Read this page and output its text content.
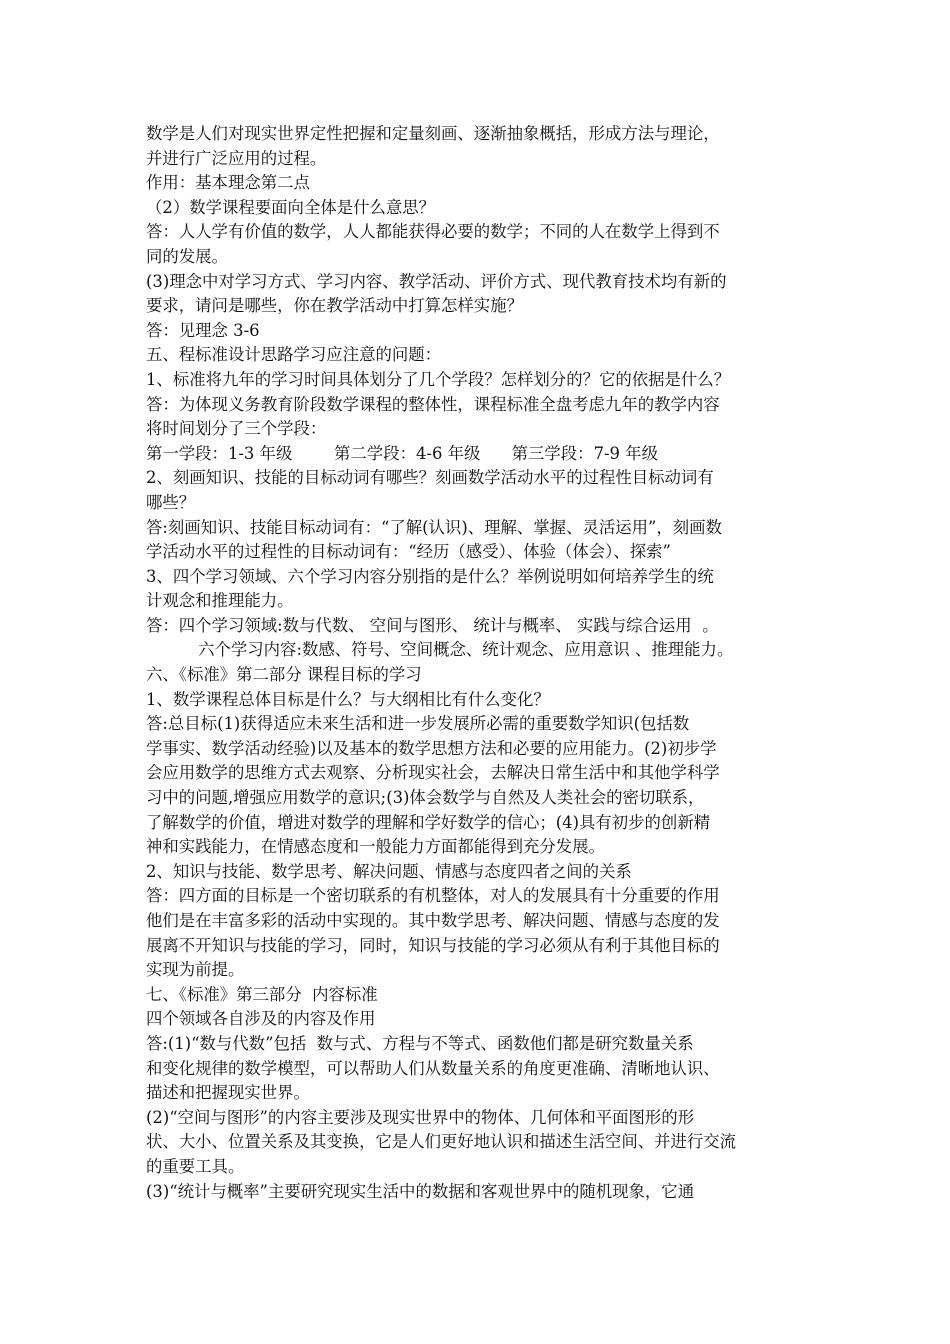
数学是人们对现实世界定性把握和定量刻画、逐渐抽象概括，形成方法与理论，
并进行广泛应用的过程。
作用：基本理念第二点
（2）数学课程要面向全体是什么意思？
答：人人学有价值的数学，人人都能获得必要的数学；不同的人在数学上得到不
同的发展。
(3)理念中对学习方式、学习内容、教学活动、评价方式、现代教育技术均有新的
要求，请问是哪些，你在教学活动中打算怎样实施？
答：见理念 3-6
五、程标准设计思路学习应注意的问题：
1、标准将九年的学习时间具体划分了几个学段？怎样划分的？它的依据是什么？
答：为体现义务教育阶段数学课程的整体性，课程标准全盘考虑九年的教学内容
将时间划分了三个学段：
第一学段：1-3 年级        第二学段：4-6 年级      第三学段：7-9 年级
2、刻画知识、技能的目标动词有哪些？刻画数学活动水平的过程性目标动词有
哪些？
答:刻画知识、技能目标动词有：“了解(认识)、理解、掌握、灵活运用”，刻画数
学活动水平的过程性的目标动词有：“经历（感受）、体验（体会）、探索”
3、四个学习领域、六个学习内容分别指的是什么？举例说明如何培养学生的统
计观念和推理能力。
答：四个学习领域:数与代数、 空间与图形、 统计与概率、 实践与综合运用  。
六个学习内容:数感、符号、空间概念、统计观念、应用意识 、推理能力。
六、《标准》第二部分 课程目标的学习
1、数学课程总体目标是什么？与大纲相比有什么变化？
答:总目标(1)获得适应未来生活和进一步发展所必需的重要数学知识(包括数
学事实、数学活动经验)以及基本的数学思想方法和必要的应用能力。(2)初步学
会应用数学的思维方式去观察、分析现实社会，去解决日常生活中和其他学科学
习中的问题,增强应用数学的意识;(3)体会数学与自然及人类社会的密切联系，
了解数学的价值，增进对数学的理解和学好数学的信心；(4)具有初步的创新精
神和实践能力，在情感态度和一般能力方面都能得到充分发展。
2、知识与技能、数学思考、解决问题、情感与态度四者之间的关系
答：四方面的目标是一个密切联系的有机整体，对人的发展具有十分重要的作用
他们是在丰富多彩的活动中实现的。其中数学思考、解决问题、情感与态度的发
展离不开知识与技能的学习，同时，知识与技能的学习必须从有利于其他目标的
实现为前提。
七、《标准》第三部分  内容标准
四个领域各自涉及的内容及作用
答:(1)“数与代数”包括  数与式、方程与不等式、函数他们都是研究数量关系
和变化规律的数学模型，可以帮助人们从数量关系的角度更准确、清晰地认识、
描述和把握现实世界。
(2)“空间与图形”的内容主要涉及现实世界中的物体、几何体和平面图形的形
状、大小、位置关系及其变换，它是人们更好地认识和描述生活空间、并进行交流
的重要工具。
(3)“统计与概率”主要研究现实生活中的数据和客观世界中的随机现象，它通
